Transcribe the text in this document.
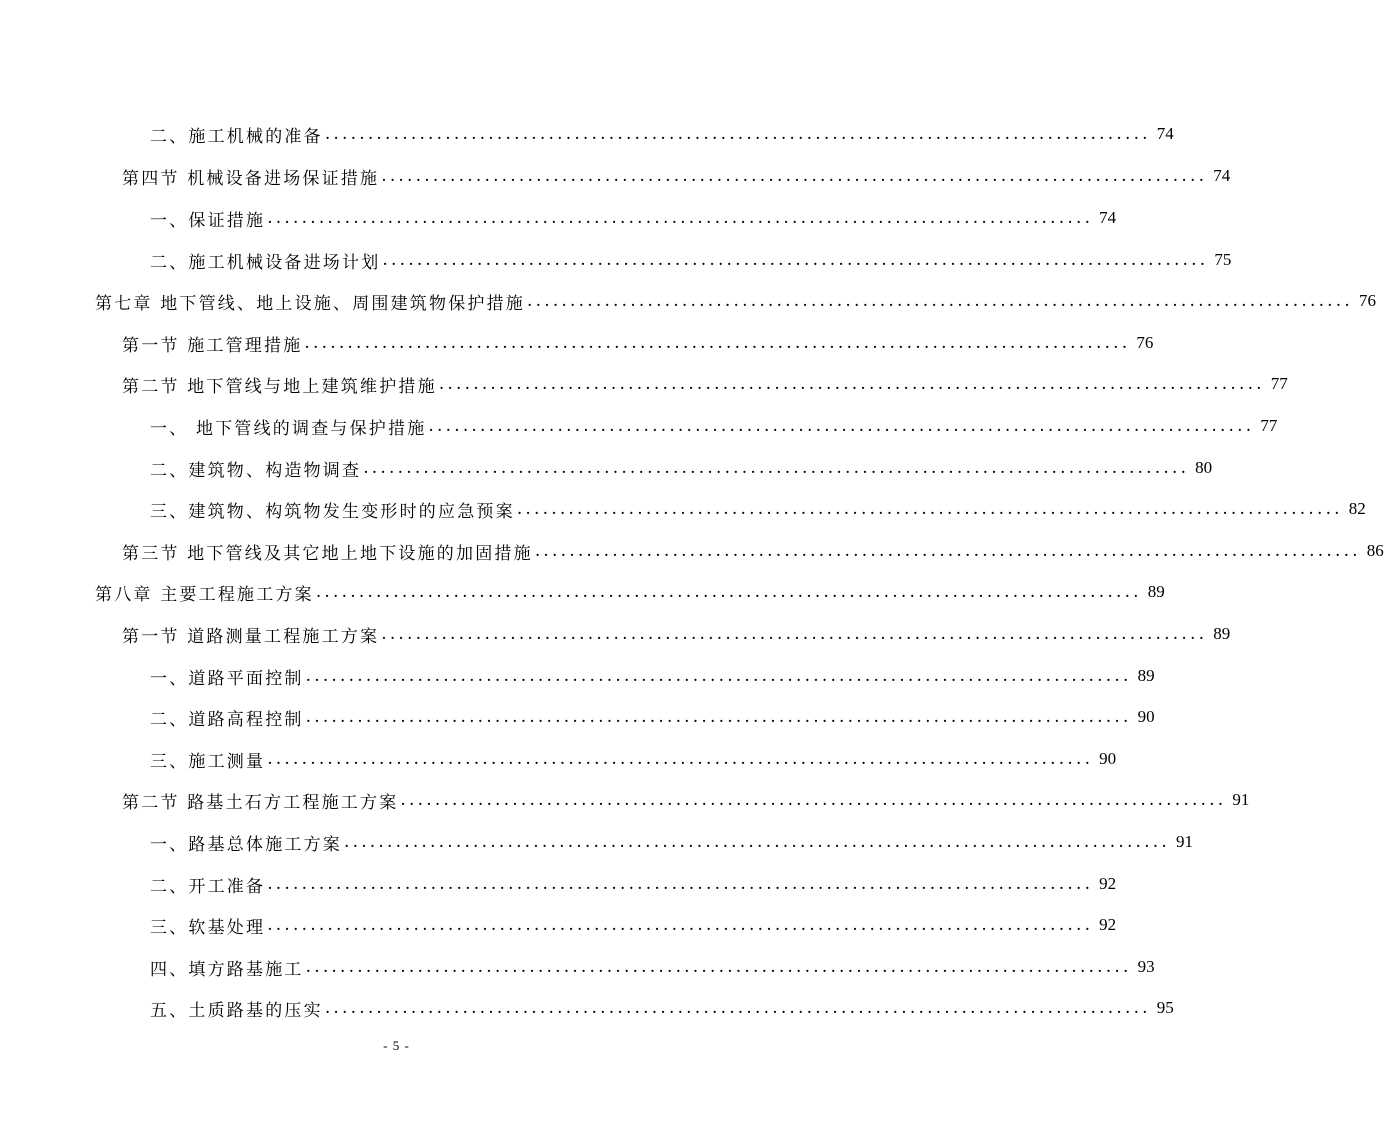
二、施工机械的准备 ................................................................................................ 74
第四节 机械设备进场保证措施 ................................................................................................ 74
一、保证措施 ................................................................................................ 74
二、施工机械设备进场计划 ................................................................................................ 75
第七章 地下管线、地上设施、周围建筑物保护措施 ................................................................................................ 76
第一节 施工管理措施 ................................................................................................ 76
第二节 地下管线与地上建筑维护措施 ................................................................................................ 77
一、 地下管线的调查与保护措施 ................................................................................................ 77
二、建筑物、构造物调查 ................................................................................................ 80
三、建筑物、构筑物发生变形时的应急预案 ................................................................................................ 82
第三节 地下管线及其它地上地下设施的加固措施 ................................................................................................ 86
第八章 主要工程施工方案 ................................................................................................ 89
第一节 道路测量工程施工方案 ................................................................................................ 89
一、道路平面控制 ................................................................................................ 89
二、道路高程控制 ................................................................................................ 90
三、施工测量 ................................................................................................ 90
第二节 路基土石方工程施工方案 ................................................................................................ 91
一、路基总体施工方案 ................................................................................................ 91
二、开工准备 ................................................................................................ 92
三、软基处理 ................................................................................................ 92
四、填方路基施工 ................................................................................................ 93
五、土质路基的压实 ................................................................................................ 95
- 5 -
